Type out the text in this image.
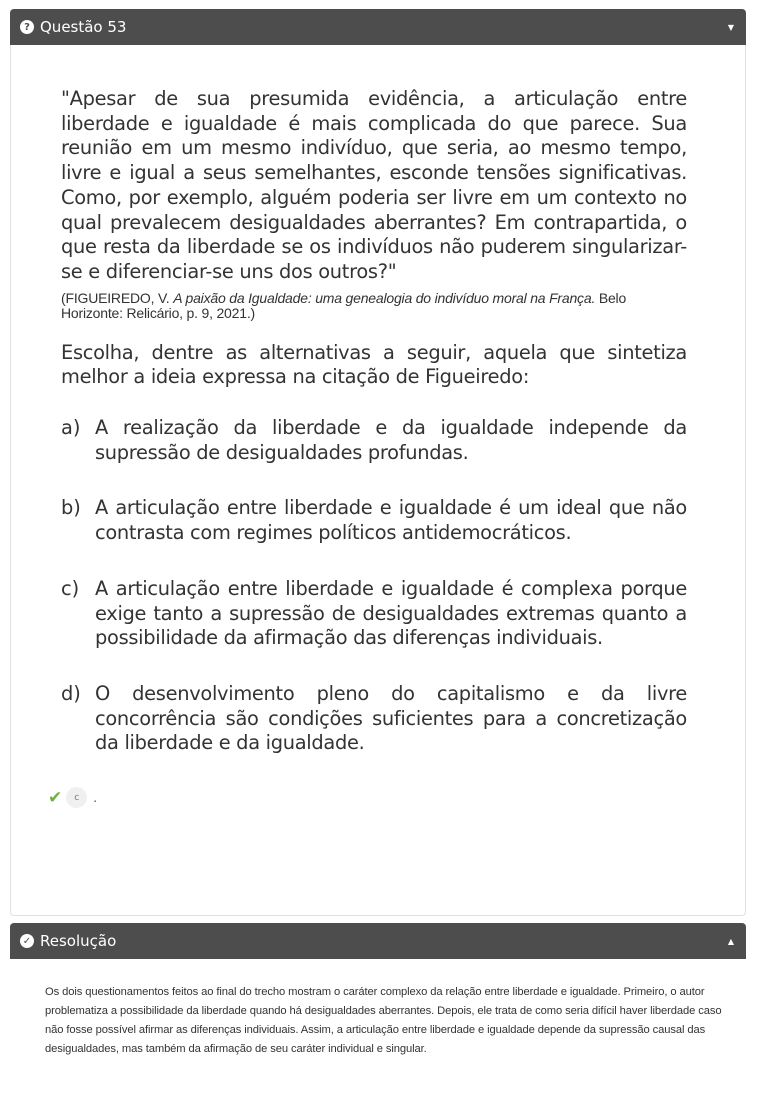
? Questão 53	▼
"Apesar de sua presumida evidência, a articulação entre liberdade e igualdade é mais complicada do que parece. Sua reunião em um mesmo indivíduo, que seria, ao mesmo tempo, livre e igual a seus semelhantes, esconde tensões significativas. Como, por exemplo, alguém poderia ser livre em um contexto no qual prevalecem desigualdades aberrantes? Em contrapartida, o que resta da liberdade se os indivíduos não puderem singularizar-se e diferenciar-se uns dos outros?"
(FIGUEIREDO, V. A paixão da Igualdade: uma genealogia do indivíduo moral na França. Belo Horizonte: Relicário, p. 9, 2021.)
Escolha, dentre as alternativas a seguir, aquela que sintetiza melhor a ideia expressa na citação de Figueiredo:
a) A realização da liberdade e da igualdade independe da supressão de desigualdades profundas.
b) A articulação entre liberdade e igualdade é um ideal que não contrasta com regimes políticos antidemocráticos.
c) A articulação entre liberdade e igualdade é complexa porque exige tanto a supressão de desigualdades extremas quanto a possibilidade da afirmação das diferenças individuais.
d) O desenvolvimento pleno do capitalismo e da livre concorrência são condições suficientes para a concretização da liberdade e da igualdade.
✔	c	.
✓ Resolução	▲
Os dois questionamentos feitos ao final do trecho mostram o caráter complexo da relação entre liberdade e igualdade. Primeiro, o autor problematiza a possibilidade da liberdade quando há desigualdades aberrantes. Depois, ele trata de como seria difícil haver liberdade caso não fosse possível afirmar as diferenças individuais. Assim, a articulação entre liberdade e igualdade depende da supressão causal das desigualdades, mas também da afirmação de seu caráter individual e singular.
